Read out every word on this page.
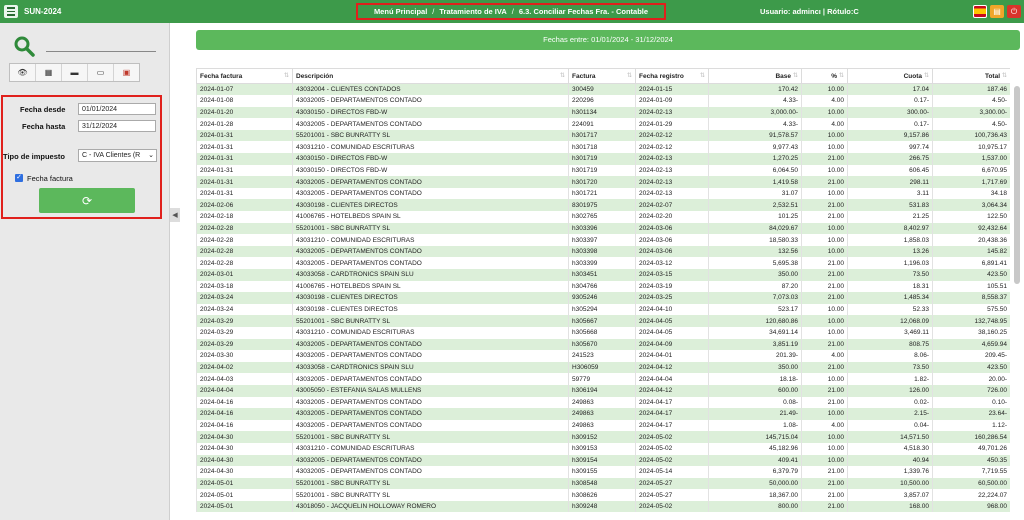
SUN-2024	Menú Principal / Tratamiento de IVA / 6.3. Conciliar Fechas Fra. - Contable	Usuario: admincı | Rótulo:C	▤	⏻
👁	▦	▬	▭	▣
Fecha desde	01/01/2024
Fecha hasta	31/12/2024
Tipo de impuesto	C - IVA Clientes (R ⌄
✓ Fecha factura
⟳
◀
Fechas entre: 01/01/2024 - 31/12/2024
Fecha factura ⇅	Descripción ⇅	Factura ⇅	Fecha registro ⇅	Base ⇅	% ⇅	Cuota ⇅	Total ⇅

2024-01-07	43032004 - CLIENTES CONTADOS	300459	2024-01-15	170.42	10.00	17.04	187.46
2024-01-08	43032005 - DEPARTAMENTOS CONTADO	220296	2024-01-09	4.33-	4.00	0.17-	4.50-
2024-01-20	43030150 - DIRECTOS FBD-W	h301134	2024-02-13	3,000.00-	10.00	300.00-	3,300.00-
2024-01-28	43032005 - DEPARTAMENTOS CONTADO	224091	2024-01-29	4.33-	4.00	0.17-	4.50-
2024-01-31	55201001 - SBC BUNRATTY SL	h301717	2024-02-12	91,578.57	10.00	9,157.86	100,736.43
2024-01-31	43031210 - COMUNIDAD ESCRITURAS	h301718	2024-02-12	9,977.43	10.00	997.74	10,975.17
2024-01-31	43030150 - DIRECTOS FBD-W	h301719	2024-02-13	1,270.25	21.00	266.75	1,537.00
2024-01-31	43030150 - DIRECTOS FBD-W	h301719	2024-02-13	6,064.50	10.00	606.45	6,670.95
2024-01-31	43032005 - DEPARTAMENTOS CONTADO	h301720	2024-02-13	1,419.58	21.00	298.11	1,717.69
2024-01-31	43032005 - DEPARTAMENTOS CONTADO	h301721	2024-02-13	31.07	10.00	3.11	34.18
2024-02-06	43030198 - CLIENTES DIRECTOS	8301975	2024-02-07	2,532.51	21.00	531.83	3,064.34
2024-02-18	41006765 - HOTELBEDS SPAIN SL	h302765	2024-02-20	101.25	21.00	21.25	122.50
2024-02-28	55201001 - SBC BUNRATTY SL	h303396	2024-03-06	84,029.67	10.00	8,402.97	92,432.64
2024-02-28	43031210 - COMUNIDAD ESCRITURAS	h303397	2024-03-06	18,580.33	10.00	1,858.03	20,438.36
2024-02-28	43032005 - DEPARTAMENTOS CONTADO	h303398	2024-03-06	132.56	10.00	13.26	145.82
2024-02-28	43032005 - DEPARTAMENTOS CONTADO	h303399	2024-03-12	5,695.38	21.00	1,196.03	6,891.41
2024-03-01	43033058 - CARDTRONICS SPAIN SLU	h303451	2024-03-15	350.00	21.00	73.50	423.50
2024-03-18	41006765 - HOTELBEDS SPAIN SL	h304766	2024-03-19	87.20	21.00	18.31	105.51
2024-03-24	43030198 - CLIENTES DIRECTOS	9305246	2024-03-25	7,073.03	21.00	1,485.34	8,558.37
2024-03-24	43030198 - CLIENTES DIRECTOS	h305294	2024-04-10	523.17	10.00	52.33	575.50
2024-03-29	55201001 - SBC BUNRATTY SL	h305667	2024-04-05	120,680.86	10.00	12,068.09	132,748.95
2024-03-29	43031210 - COMUNIDAD ESCRITURAS	h305668	2024-04-05	34,691.14	10.00	3,469.11	38,160.25
2024-03-29	43032005 - DEPARTAMENTOS CONTADO	h305670	2024-04-09	3,851.19	21.00	808.75	4,659.94
2024-03-30	43032005 - DEPARTAMENTOS CONTADO	241523	2024-04-01	201.39-	4.00	8.06-	209.45-
2024-04-02	43033058 - CARDTRONICS SPAIN SLU	H306059	2024-04-12	350.00	21.00	73.50	423.50
2024-04-03	43032005 - DEPARTAMENTOS CONTADO	59779	2024-04-04	18.18-	10.00	1.82-	20.00-
2024-04-04	43005050 - ESTEFANIA SALAS MULLENS	h306194	2024-04-12	600.00	21.00	126.00	726.00
2024-04-16	43032005 - DEPARTAMENTOS CONTADO	249863	2024-04-17	0.08-	21.00	0.02-	0.10-
2024-04-16	43032005 - DEPARTAMENTOS CONTADO	249863	2024-04-17	21.49-	10.00	2.15-	23.64-
2024-04-16	43032005 - DEPARTAMENTOS CONTADO	249863	2024-04-17	1.08-	4.00	0.04-	1.12-
2024-04-30	55201001 - SBC BUNRATTY SL	h309152	2024-05-02	145,715.04	10.00	14,571.50	160,286.54
2024-04-30	43031210 - COMUNIDAD ESCRITURAS	h309153	2024-05-02	45,182.96	10.00	4,518.30	49,701.26
2024-04-30	43032005 - DEPARTAMENTOS CONTADO	h309154	2024-05-02	409.41	10.00	40.94	450.35
2024-04-30	43032005 - DEPARTAMENTOS CONTADO	h309155	2024-05-14	6,379.79	21.00	1,339.76	7,719.55
2024-05-01	55201001 - SBC BUNRATTY SL	h308548	2024-05-27	50,000.00	21.00	10,500.00	60,500.00
2024-05-01	55201001 - SBC BUNRATTY SL	h308626	2024-05-27	18,367.00	21.00	3,857.07	22,224.07
2024-05-01	43018050 - JACQUELIN HOLLOWAY ROMERO	h309248	2024-05-02	800.00	21.00	168.00	968.00
